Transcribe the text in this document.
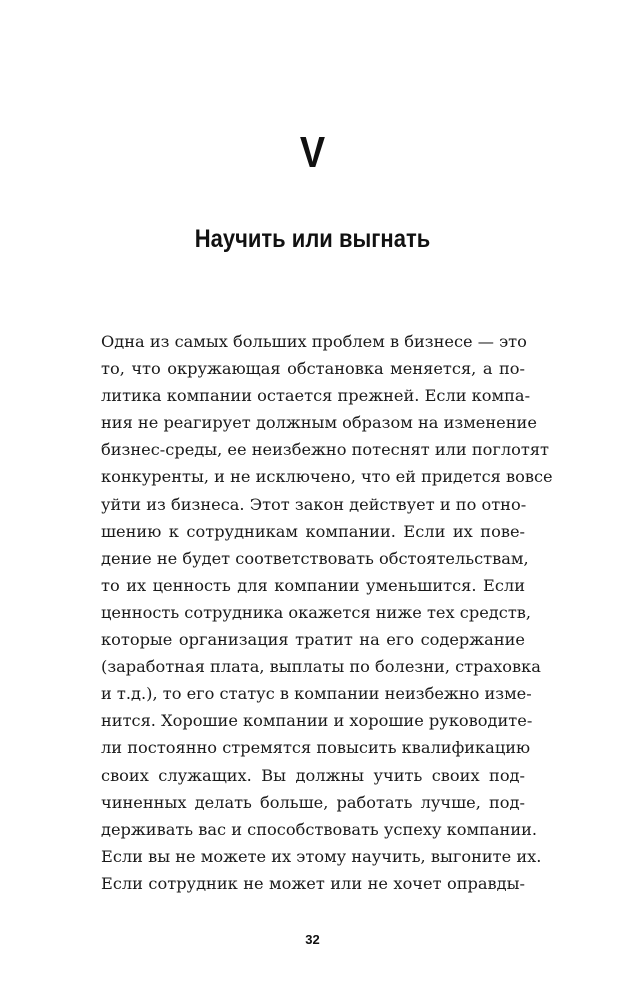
V
Научить или выгнать
Одна из самых больших проблем в бизнесе — это
то, что окружающая обстановка меняется, а по-
литика компании остается прежней. Если компа-
ния не реагирует должным образом на изменение
бизнес-среды, ее неизбежно потеснят или поглотят
конкуренты, и не исключено, что ей придется вовсе
уйти из бизнеса. Этот закон действует и по отно-
шению к сотрудникам компании. Если их пове-
дение не будет соответствовать обстоятельствам,
то их ценность для компании уменьшится. Если
ценность сотрудника окажется ниже тех средств,
которые организация тратит на его содержание
(заработная плата, выплаты по болезни, страховка
и т.д.), то его статус в компании неизбежно изме-
нится. Хорошие компании и хорошие руководите-
ли постоянно стремятся повысить квалификацию
своих служащих. Вы должны учить своих под-
чиненных делать больше, работать лучше, под-
держивать вас и способствовать успеху компании.
Если вы не можете их этому научить, выгоните их.
Если сотрудник не может или не хочет оправды-
32
